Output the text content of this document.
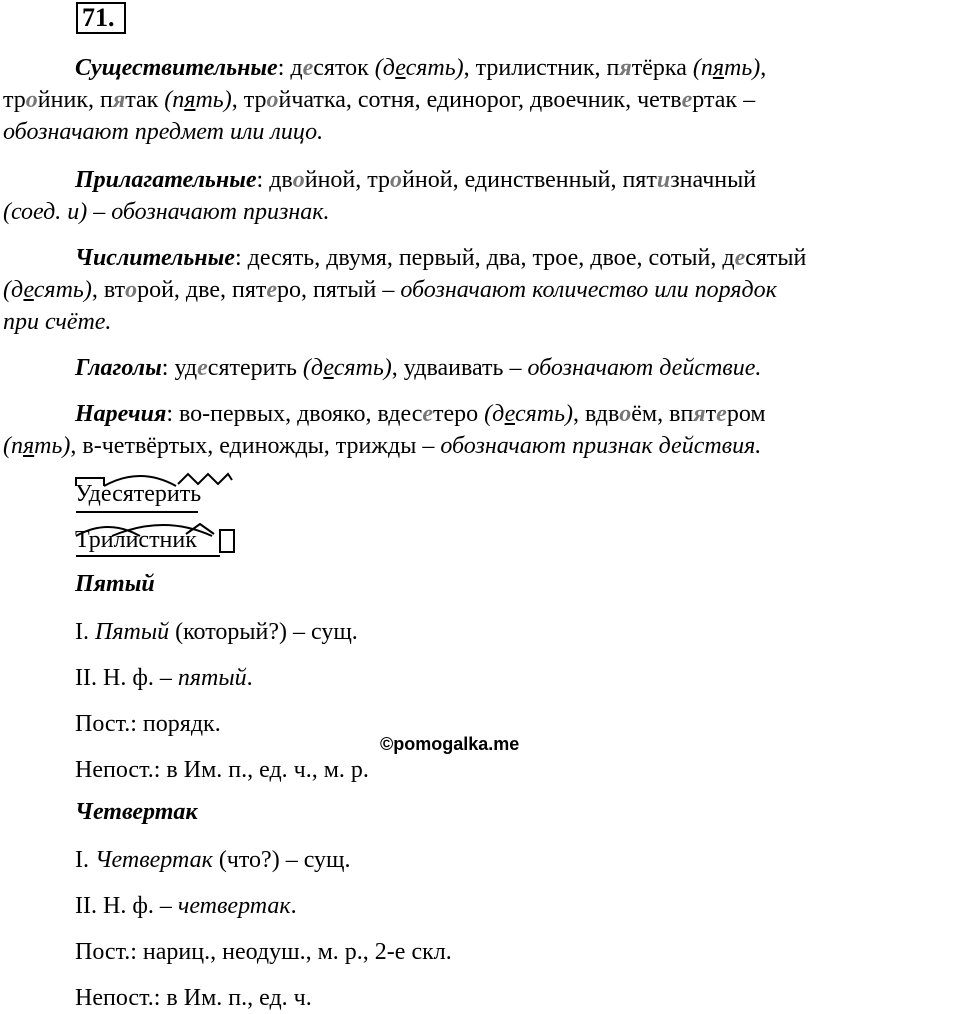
71.
Существительные: десяток (десять), трилистник, пятёрка (пять),
тройник, пятак (пять), тройчатка, сотня, единорог, двоечник, четвертак –
обозначают предмет или лицо.
Прилагательные: двойной, тройной, единственный, пятизначный
(соед. и) – обозначают признак.
Числительные: десять, двумя, первый, два, трое, двое, сотый, десятый
(десять), второй, две, пятеро, пятый – обозначают количество или порядок
при счёте.
Глаголы: удесятерить (десять), удваивать – обозначают действие.
Наречия: во-первых, двояко, вдесетеро (десять), вдвоём, впятером
(пять), в-четвёртых, единожды, трижды – обозначают признак действия.
Удесятерить
Трилистник
Пятый
I. Пятый (который?) – сущ.
II. Н. ф. – пятый.
Пост.: порядк.
Непост.: в Им. п., ед. ч., м. р.
©pomogalka.me
Четвертак
I. Четвертак (что?) – сущ.
II. Н. ф. – четвертак.
Пост.: нариц., неодуш., м. р., 2-е скл.
Непост.: в Им. п., ед. ч.
